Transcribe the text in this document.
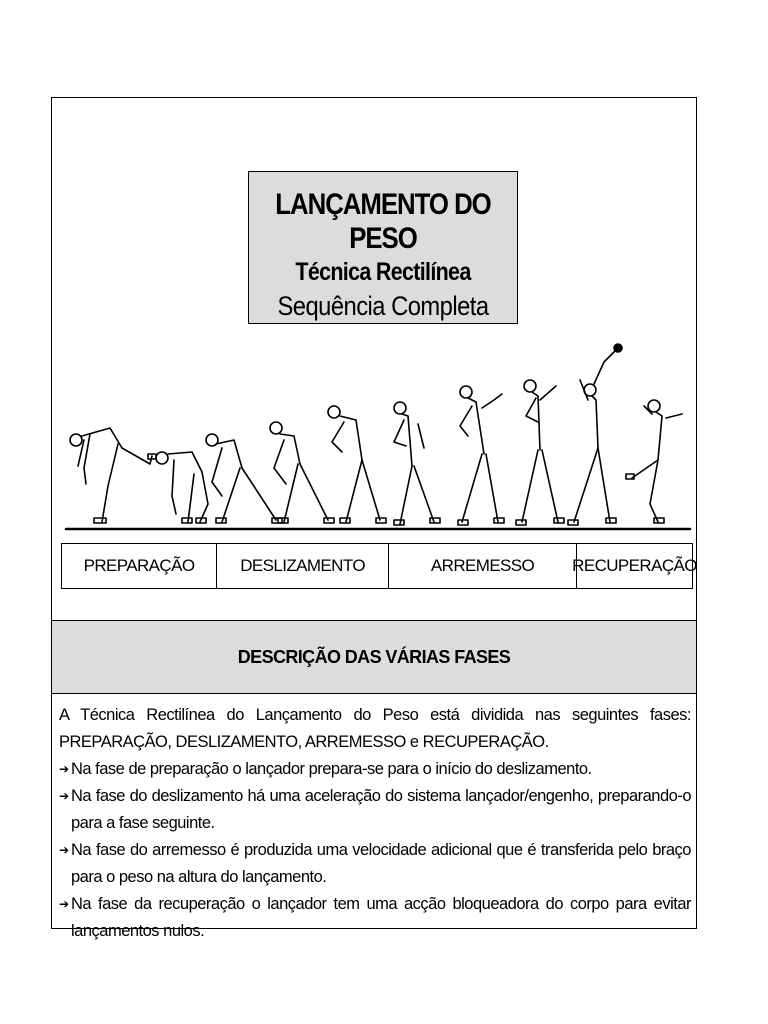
LANÇAMENTO DO PESO
Técnica Rectilínea
Sequência Completa
PREPARAÇÃO	DESLIZAMENTO	ARREMESSO	RECUPERAÇÃO
DESCRIÇÃO DAS VÁRIAS FASES

A Técnica Rectilínea do Lançamento do Peso está dividida nas seguintes fases: PREPARAÇÃO, DESLIZAMENTO, ARREMESSO e RECUPERAÇÃO.

➔ Na fase de preparação o lançador prepara-se para o início do deslizamento.
➔ Na fase do deslizamento há uma aceleração do sistema lançador/engenho, preparando-o para a fase seguinte.
➔ Na fase do arremesso é produzida uma velocidade adicional que é transferida pelo braço para o peso na altura do lançamento.
➔ Na fase da recuperação o lançador tem uma acção bloqueadora do corpo para evitar lançamentos nulos.
